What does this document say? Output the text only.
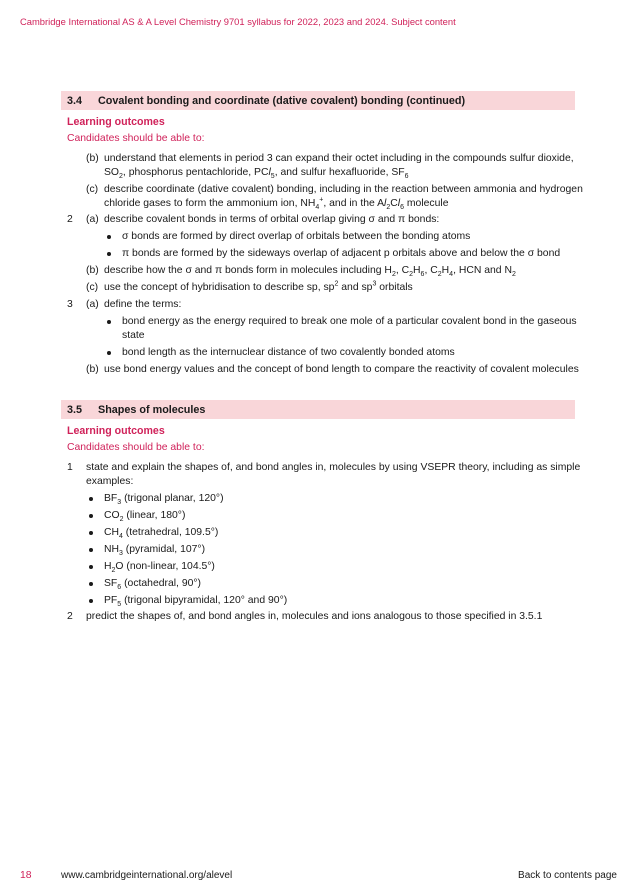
Cambridge International AS & A Level Chemistry 9701 syllabus for 2022, 2023 and 2024. Subject content
3.4 Covalent bonding and coordinate (dative covalent) bonding (continued)
Learning outcomes
Candidates should be able to:
(b) understand that elements in period 3 can expand their octet including in the compounds sulfur dioxide,
$SO_2$, phosphorus pentachloride, PCl$_5$, and sulfur hexafluoride, $SF_6$
(c) describe coordinate (dative covalent) bonding, including in the reaction between ammonia and hydrogen
chloride gases to form the ammonium ion, $NH_4^+$, and in the $Al_2Cl_6$ molecule
2 (a) describe covalent bonds in terms of orbital overlap giving σ and π bonds:
σ bonds are formed by direct overlap of orbitals between the bonding atoms
π bonds are formed by the sideways overlap of adjacent p orbitals above and below the σ bond
(b) describe how the σ and π bonds form in molecules including $H_2$, $C_2H_6$, $C_2H_4$, HCN and $N_2$
(c) use the concept of hybridisation to describe sp, $sp^2$ and $sp^3$ orbitals
3 (a) define the terms:
bond energy as the energy required to break one mole of a particular covalent bond in the gaseous
state
bond length as the internuclear distance of two covalently bonded atoms
(b) use bond energy values and the concept of bond length to compare the reactivity of covalent molecules
3.5 Shapes of molecules
Learning outcomes
Candidates should be able to:
1 state and explain the shapes of, and bond angles in, molecules by using VSEPR theory, including as simple
examples:
$BF_3$ (trigonal planar, 120°)
$CO_2$ (linear, 180°)
$CH_4$ (tetrahedral, 109.5°)
$NH_3$ (pyramidal, 107°)
$H_2O$ (non-linear, 104.5°)
$SF_6$ (octahedral, 90°)
$PF_5$ (trigonal bipyramidal, 120° and 90°)
2 predict the shapes of, and bond angles in, molecules and ions analogous to those specified in 3.5.1
18	www.cambridgeinternational.org/alevel	Back to contents page
